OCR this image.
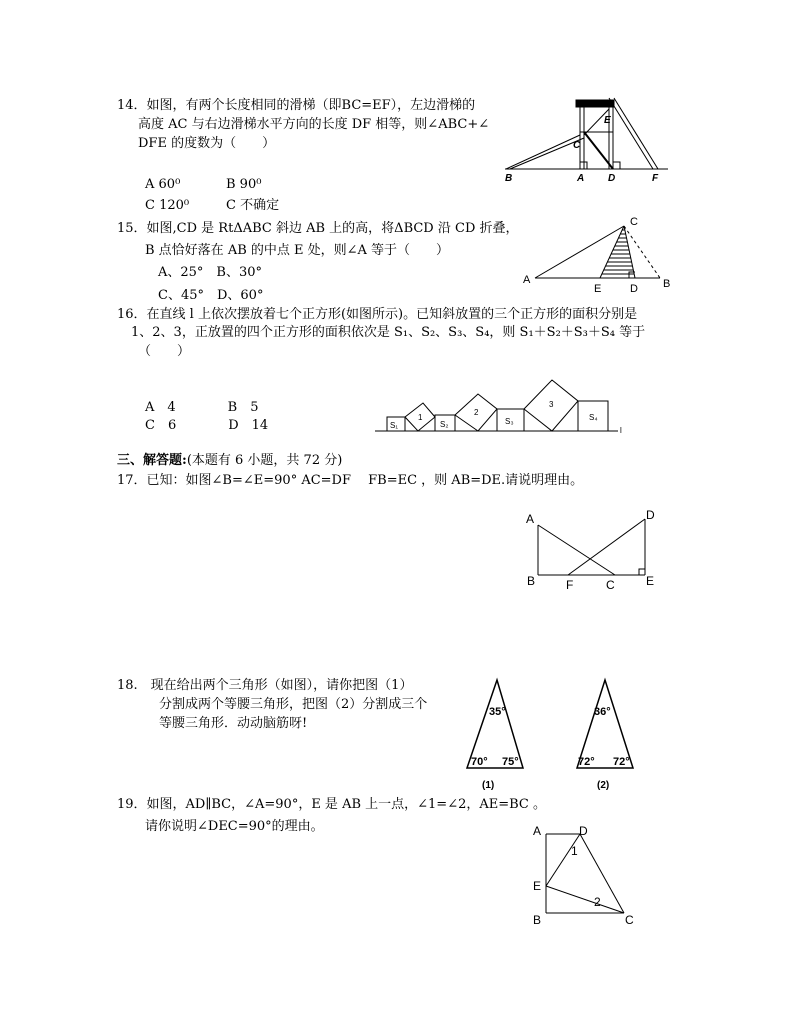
14．如图，有两个长度相同的滑梯（即BC=EF），左边滑梯的
高度 AC 与右边滑梯水平方向的长度 DF 相等，则∠ABC+∠
DFE 的度数为（　　）
A 60⁰	B 90⁰
C 120⁰	C 不确定
B	A D	F
C
E
15．如图,CD 是 RtΔABC 斜边 AB 上的高，将ΔBCD 沿 CD 折叠，
B 点恰好落在 AB 的中点 E 处，则∠A 等于（　　）
A、25°　B、30°
C、45°　D、60°
A
C
B
E	D
16．在直线 l 上依次摆放着七个正方形(如图所示)。已知斜放置的三个正方形的面积分别是
1、2、3，正放置的四个正方形的面积依次是 S₁、S₂、S₃、S₄，则 S₁＋S₂＋S₃＋S₄ 等于
（　　）
A　4　　　　B　5
C　6　　　　D　14	S₁
1
S₂
2
S₃
3
S₄
l
三、解答题:(本题有 6 小题，共 72 分)
17．已知：如图∠B=∠E=90° AC=DF　 FB=EC ，则 AB=DE.请说明理由。
A	D
B	F	C	E
18.　现在给出两个三角形（如图），请你把图（1）
分割成两个等腰三角形，把图（2）分割成三个
等腰三角形．动动脑筋呀!
35°
70° 75°
(1)
36°
72° 72°
(2)
19．如图，AD∥BC，∠A=90°，E 是 AB 上一点，∠1=∠2，AE=BC 。
请你说明∠DEC=90°的理由。	A	D
1
E
2
B	C
